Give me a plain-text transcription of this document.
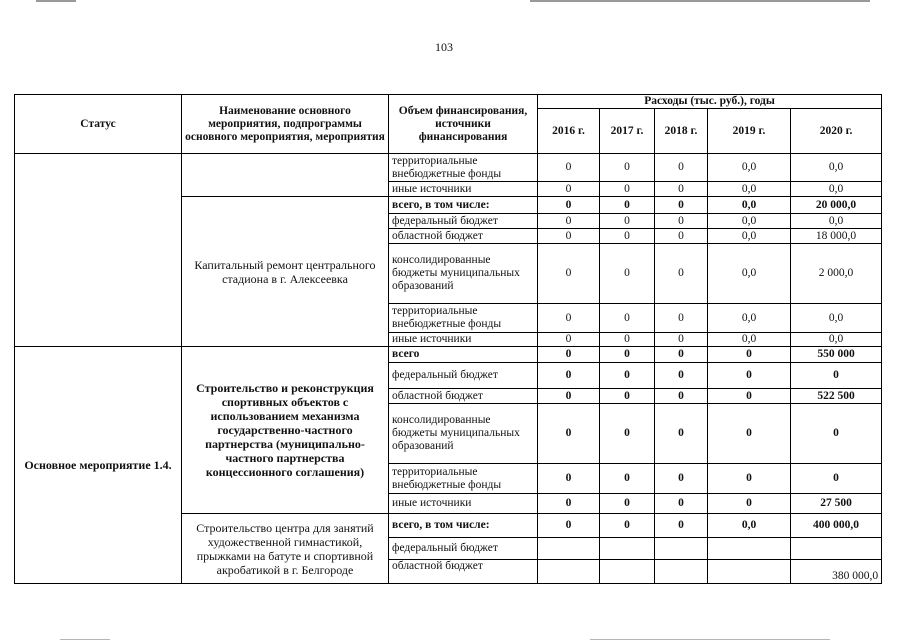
103
Статус	Наименование основного мероприятия, подпрограммы основного мероприятия, мероприятия	Объем финансирования, источники финансирования	Расходы (тыс. руб.), годы				
			2016 г.	2017 г.	2018 г.	2019 г.	2020 г.
		территориальные внебюджетные фонды	0	0	0	0,0	0,0
		иные источники	0	0	0	0,0	0,0
	Капитальный ремонт центрального стадиона в г. Алексеевка	всего, в том числе:	0	0	0	0,0	20 000,0
		федеральный бюджет	0	0	0	0,0	0,0
		областной бюджет	0	0	0	0,0	18 000,0
		консолидированные бюджеты муниципальных образований	0	0	0	0,0	2 000,0
		территориальные внебюджетные фонды	0	0	0	0,0	0,0
		иные источники	0	0	0	0,0	0,0
Основное мероприятие 1.4.	Строительство и реконструкция спортивных объектов с использованием механизма государственно-частного партнерства (муниципально-частного партнерства концессионного соглашения)	всего	0	0	0	0	550 000
		федеральный бюджет	0	0	0	0	0
		областной бюджет	0	0	0	0	522 500
		консолидированные бюджеты муниципальных образований	0	0	0	0	0
		территориальные внебюджетные фонды	0	0	0	0	0
		иные источники	0	0	0	0	27 500
	Строительство центра для занятий художественной гимнастикой, прыжками на батуте и спортивной акробатикой в г. Белгороде	всего, в том числе:	0	0	0	0,0	400 000,0
		федеральный бюджет					
		областной бюджет					380 000,0
